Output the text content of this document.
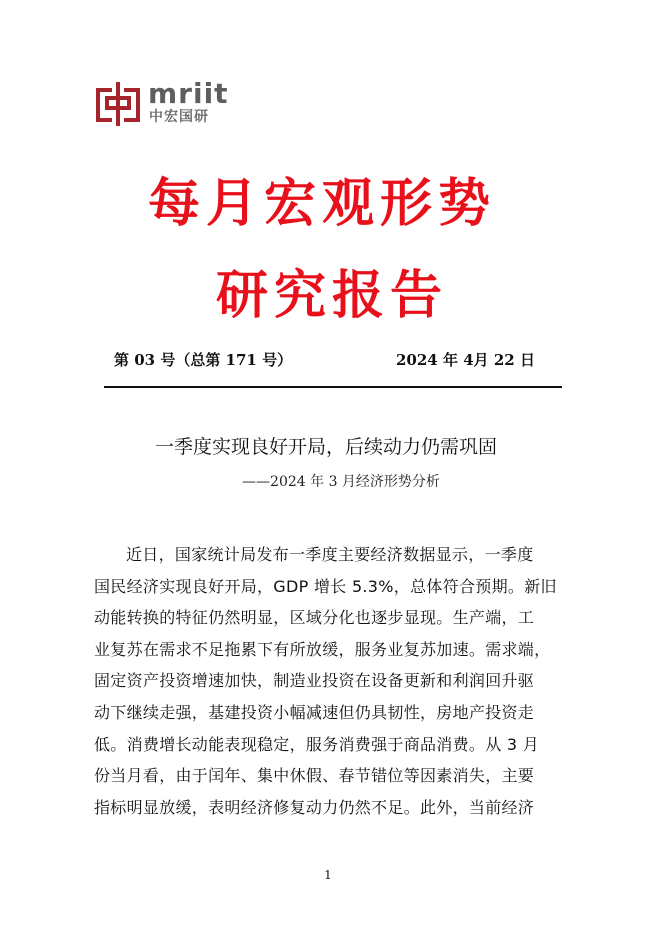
mriit
中宏国研
每月宏观形势
研究报告
第 03 号（总第 171 号）	2024 年 4月 22 日
一季度实现良好开局，后续动力仍需巩固
——2024 年 3 月经济形势分析
近日，国家统计局发布一季度主要经济数据显示，一季度
国民经济实现良好开局，GDP 增长 5.3%，总体符合预期。新旧
动能转换的特征仍然明显，区域分化也逐步显现。生产端，工
业复苏在需求不足拖累下有所放缓，服务业复苏加速。需求端，
固定资产投资增速加快，制造业投资在设备更新和利润回升驱
动下继续走强，基建投资小幅减速但仍具韧性，房地产投资走
低。消费增长动能表现稳定，服务消费强于商品消费。从 3 月
份当月看，由于闰年、集中休假、春节错位等因素消失，主要
指标明显放缓，表明经济修复动力仍然不足。此外，当前经济
1
